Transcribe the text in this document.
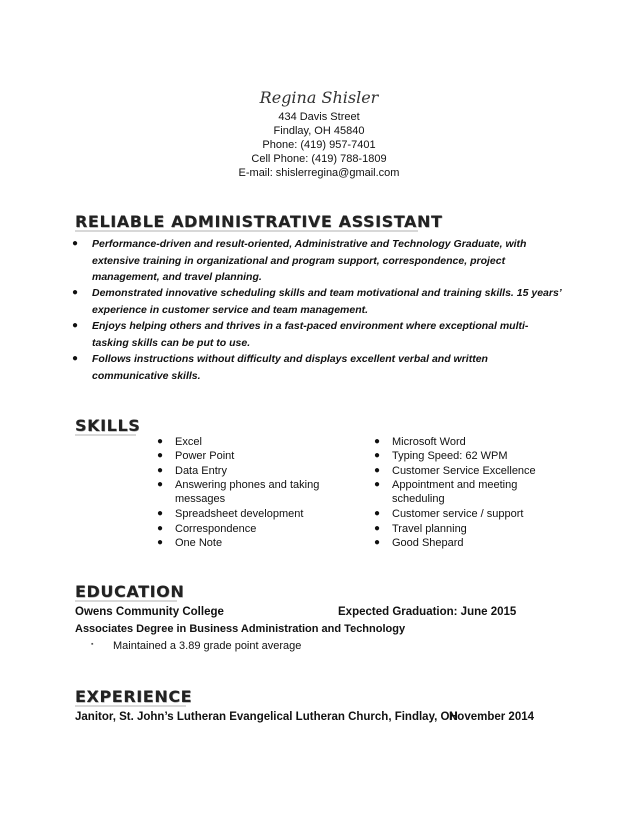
Regina Shisler
434 Davis Street
Findlay, OH 45840
Phone: (419) 957-7401
Cell Phone: (419) 788-1809
E-mail: shislerregina@gmail.com
RELIABLE ADMINISTRATIVE ASSISTANT
● Performance-driven and result-oriented, Administrative and Technology Graduate, with extensive training in organizational and program support, correspondence, project management, and travel planning.
● Demonstrated innovative scheduling skills and team motivational and training skills. 15 years’ experience in customer service and team management.
● Enjoys helping others and thrives in a fast-paced environment where exceptional multi-tasking skills can be put to use.
● Follows instructions without difficulty and displays excellent verbal and written communicative skills.
SKILLS
● Excel
● Power Point
● Data Entry
● Answering phones and taking messages
● Spreadsheet development
● Correspondence
● One Note
● Microsoft Word
● Typing Speed: 62 WPM
● Customer Service Excellence
● Appointment and meeting scheduling
● Customer service / support
● Travel planning
● Good Shepard
EDUCATION
Owens Community College	Expected Graduation: June 2015
Associates Degree in Business Administration and Technology
▪ Maintained a 3.89 grade point average
EXPERIENCE
Janitor, St. John’s Lutheran Evangelical Lutheran Church, Findlay, OH
November 2014
